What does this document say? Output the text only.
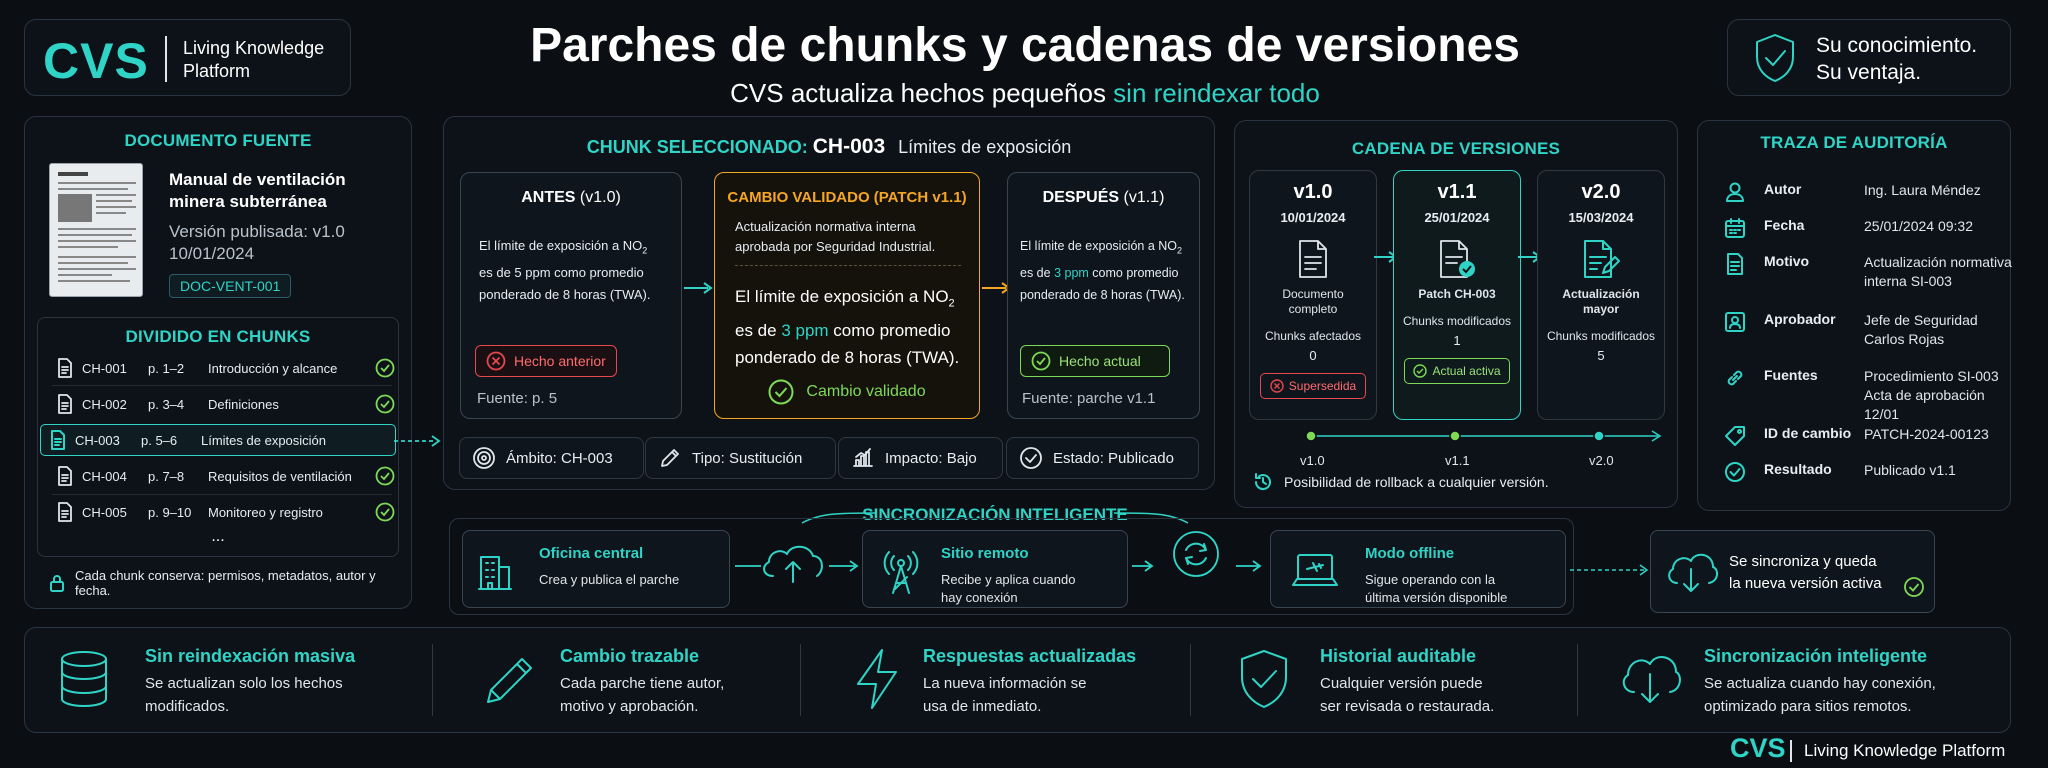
CVS Living Knowledge
Platform	Parches de chunks y cadenas de versiones
CVS actualiza hechos pequeños sin reindexar todo
Su conocimiento.
Su ventaja.
DOCUMENTO FUENTE
Manual de ventilación
minera subterránea
Versión publisada: v1.0
10/01/2024
DOC-VENT-001
DIVIDIDO EN CHUNKS
CH-001	p. 1–2	Introducción y alcance
CH-002	p. 3–4	Definiciones
CH-003	p. 5–6	Límites de exposición
CH-004	p. 7–8	Requisitos de ventilación
CH-005	p. 9–10	Monitoreo y registro
...
Cada chunk conserva: permisos, metadatos, autor y fecha.
CHUNK SELECCIONADO: CH-003 Límites de exposición
ANTES (v1.0)
El límite de exposición a $NO_2$
es de 5 ppm como promedio
ponderado de 8 horas (TWA).
Hecho anterior
Fuente: p. 5
CAMBIO VALIDADO (PATCH v1.1)
Actualización normativa interna
aprobada por Seguridad Industrial.
El límite de exposición a $NO_2$
es de 3 ppm como promedio
ponderado de 8 horas (TWA).
Cambio validado
DESPUÉS (v1.1)
El límite de exposición a $NO_2$
es de 3 ppm como promedio
ponderado de 8 horas (TWA).
Hecho actual
Fuente: parche v1.1
Ámbito: CH-003	Tipo: Sustitución	Impacto: Bajo	Estado: Publicado
CADENA DE VERSIONES
v1.0
10/01/2024
Documento
completo
Chunks afectados
0
Supersedida
v1.1
25/01/2024
Patch CH-003
Chunks modificados
1
Actual activa
v2.0
15/03/2024
Actualización
mayor
Chunks modificados
5
v1.0	v1.1	v2.0
Posibilidad de rollback a cualquier versión.
TRAZA DE AUDITORÍA
Autor	Ing. Laura Méndez
Fecha	25/01/2024 09:32
Motivo	Actualización normativa
interna SI-003
Aprobador	Jefe de Seguridad
Carlos Rojas
Fuentes	Procedimiento SI-003
Acta de aprobación 12/01
ID de cambio PATCH-2024-00123
Resultado	Publicado v1.1
SINCRONIZACIÓN INTELIGENTE
Oficina central
Crea y publica el parche
Sitio remoto
Recibe y aplica cuando
hay conexión
Modo offline
Sigue operando con la
última versión disponible
Se sincroniza y queda
la nueva versión activa
Sin reindexación masiva
Se actualizan solo los hechos
modificados.
Cambio trazable
Cada parche tiene autor,
motivo y aprobación.
Respuestas actualizadas
La nueva información se
usa de inmediato.
Historial auditable
Cualquier versión puede
ser revisada o restaurada.
Sincronización inteligente
Se actualiza cuando hay conexión,
optimizado para sitios remotos.
CVS Living Knowledge Platform
